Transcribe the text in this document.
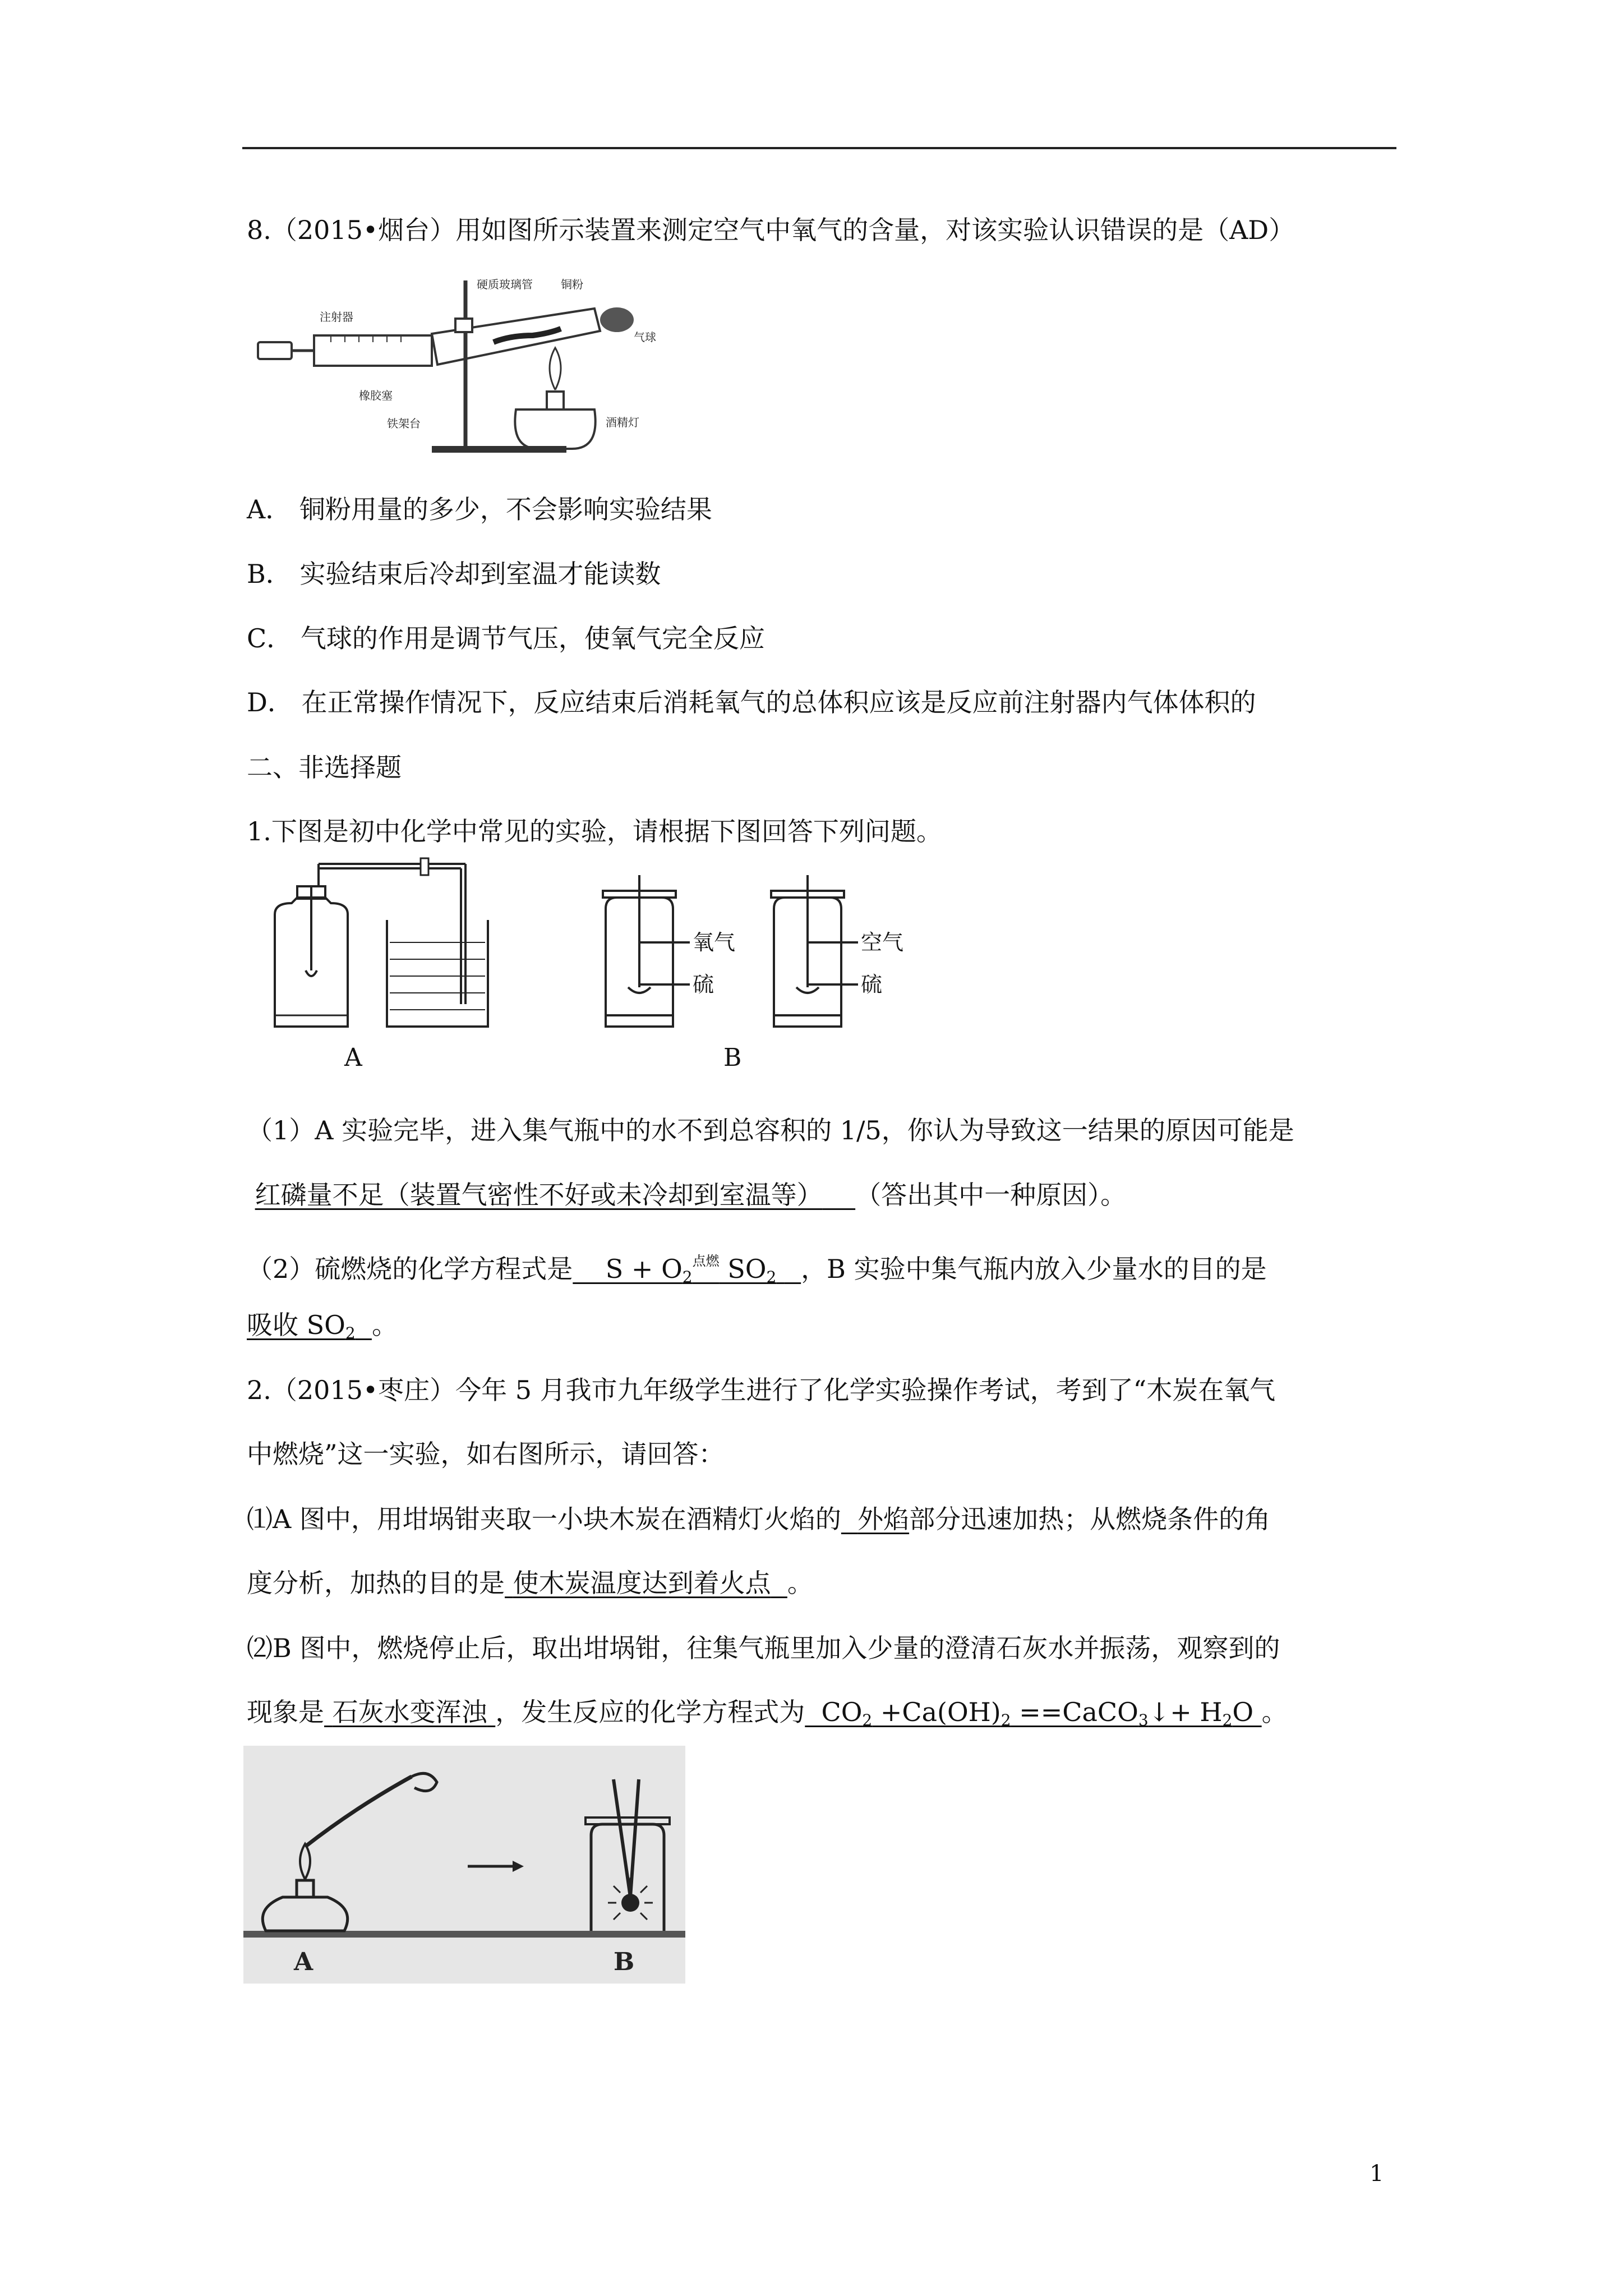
8.（2015•烟台）用如图所示装置来测定空气中氧气的含量，对该实验认识错误的是（AD）
注射器
硬质玻璃管	铜粉
气球
橡胶塞
铁架台	酒精灯
A． 铜粉用量的多少，不会影响实验结果
B． 实验结束后冷却到室温才能读数
C． 气球的作用是调节气压，使氧气完全反应
D． 在正常操作情况下，反应结束后消耗氧气的总体积应该是反应前注射器内气体体积的
二、非选择题
1.下图是初中化学中常见的实验，请根据下图回答下列问题。
A
氧气
硫
空气
硫
B
（1）A 实验完毕，进入集气瓶中的水不到总容积的 1/5，你认为导致这一结果的原因可能是
红磷量不足（装置气密性不好或未冷却到室温等） （答出其中一种原因）。
（2）硫燃烧的化学方程式是    $S + O_2^{点燃}$ $SO_2$ ，B 实验中集气瓶内放入少量水的目的是
吸收 $SO_2$ 。
2.（2015•枣庄）今年 5 月我市九年级学生进行了化学实验操作考试，考到了“木炭在氧气
中燃烧”这一实验，如右图所示，请回答：
⑴A 图中，用坩埚钳夹取一小块木炭在酒精灯火焰的 外焰部分迅速加热；从燃烧条件的角
度分析，加热的目的是 使木炭温度达到着火点 。
⑵B 图中，燃烧停止后，取出坩埚钳，往集气瓶里加入少量的澄清石灰水并振荡，观察到的
现象是 石灰水变浑浊 ，发生反应的化学方程式为  $CO_2 +Ca(OH)_2$ ==CaCO$_3$↓+ $H_2O$ 。
A	B
1
